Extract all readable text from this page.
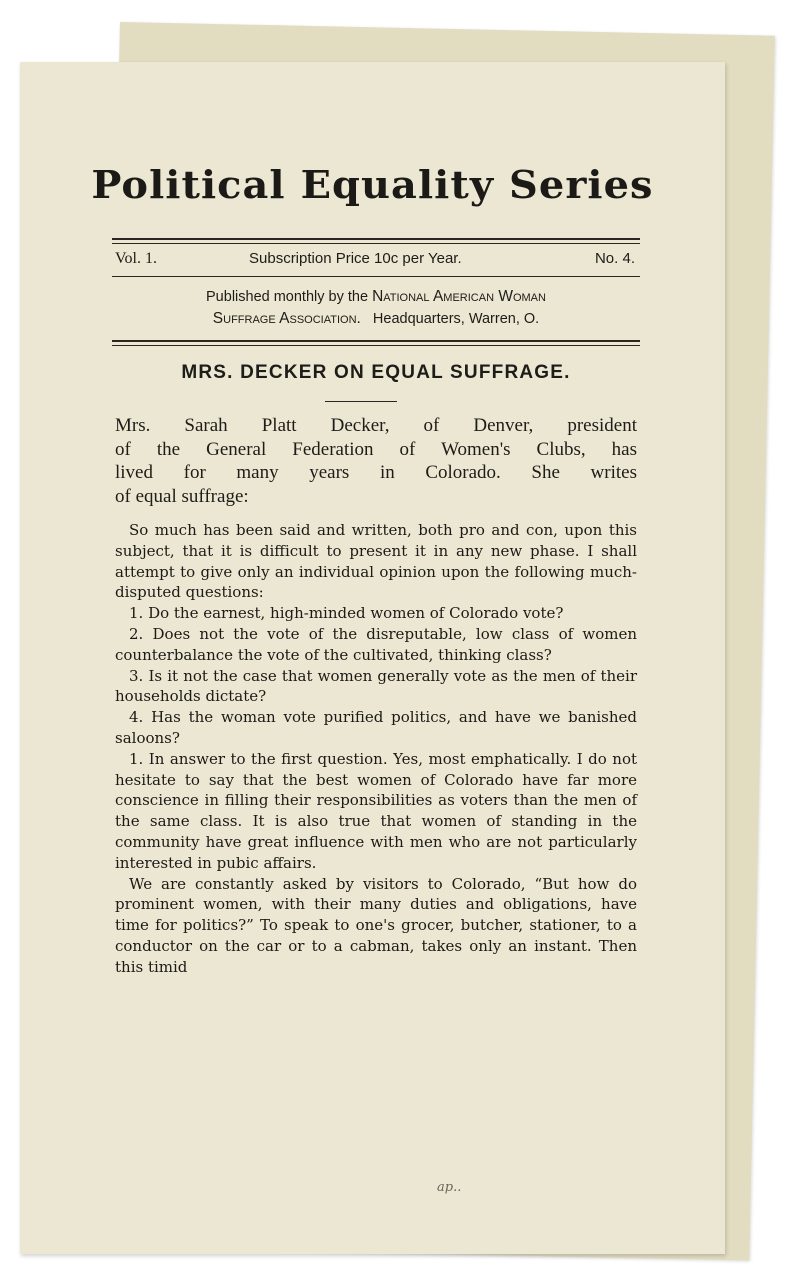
Political Equality Series
Vol. 1.	Subscription Price 10c per Year.	No. 4.
Published monthly by the National American Woman
Suffrage Association. Headquarters, Warren, O.
MRS. DECKER ON EQUAL SUFFRAGE.
Mrs. Sarah Platt Decker, of Denver, president
of the General Federation of Women's Clubs, has
lived for many years in Colorado. She writes
of equal suffrage:

So much has been said and written, both pro and con, upon this subject, that it is difficult to present it in any new phase. I shall attempt to give only an individual opinion upon the following much-disputed questions:

1. Do the earnest, high-minded women of Colorado vote?

2. Does not the vote of the disreputable, low class of women counterbalance the vote of the cultivated, thinking class?

3. Is it not the case that women generally vote as the men of their households dictate?

4. Has the woman vote purified politics, and have we banished saloons?

1. In answer to the first question. Yes, most emphatically. I do not hesitate to say that the best women of Colorado have far more conscience in filling their responsibilities as voters than the men of the same class. It is also true that women of standing in the community have great influence with men who are not particularly interested in pubic affairs.

We are constantly asked by visitors to Colorado, “But how do prominent women, with their many duties and obligations, have time for politics?” To speak to one's grocer, butcher, stationer, to a conductor on the car or to a cabman, takes only an instant. Then this timid

ap..
